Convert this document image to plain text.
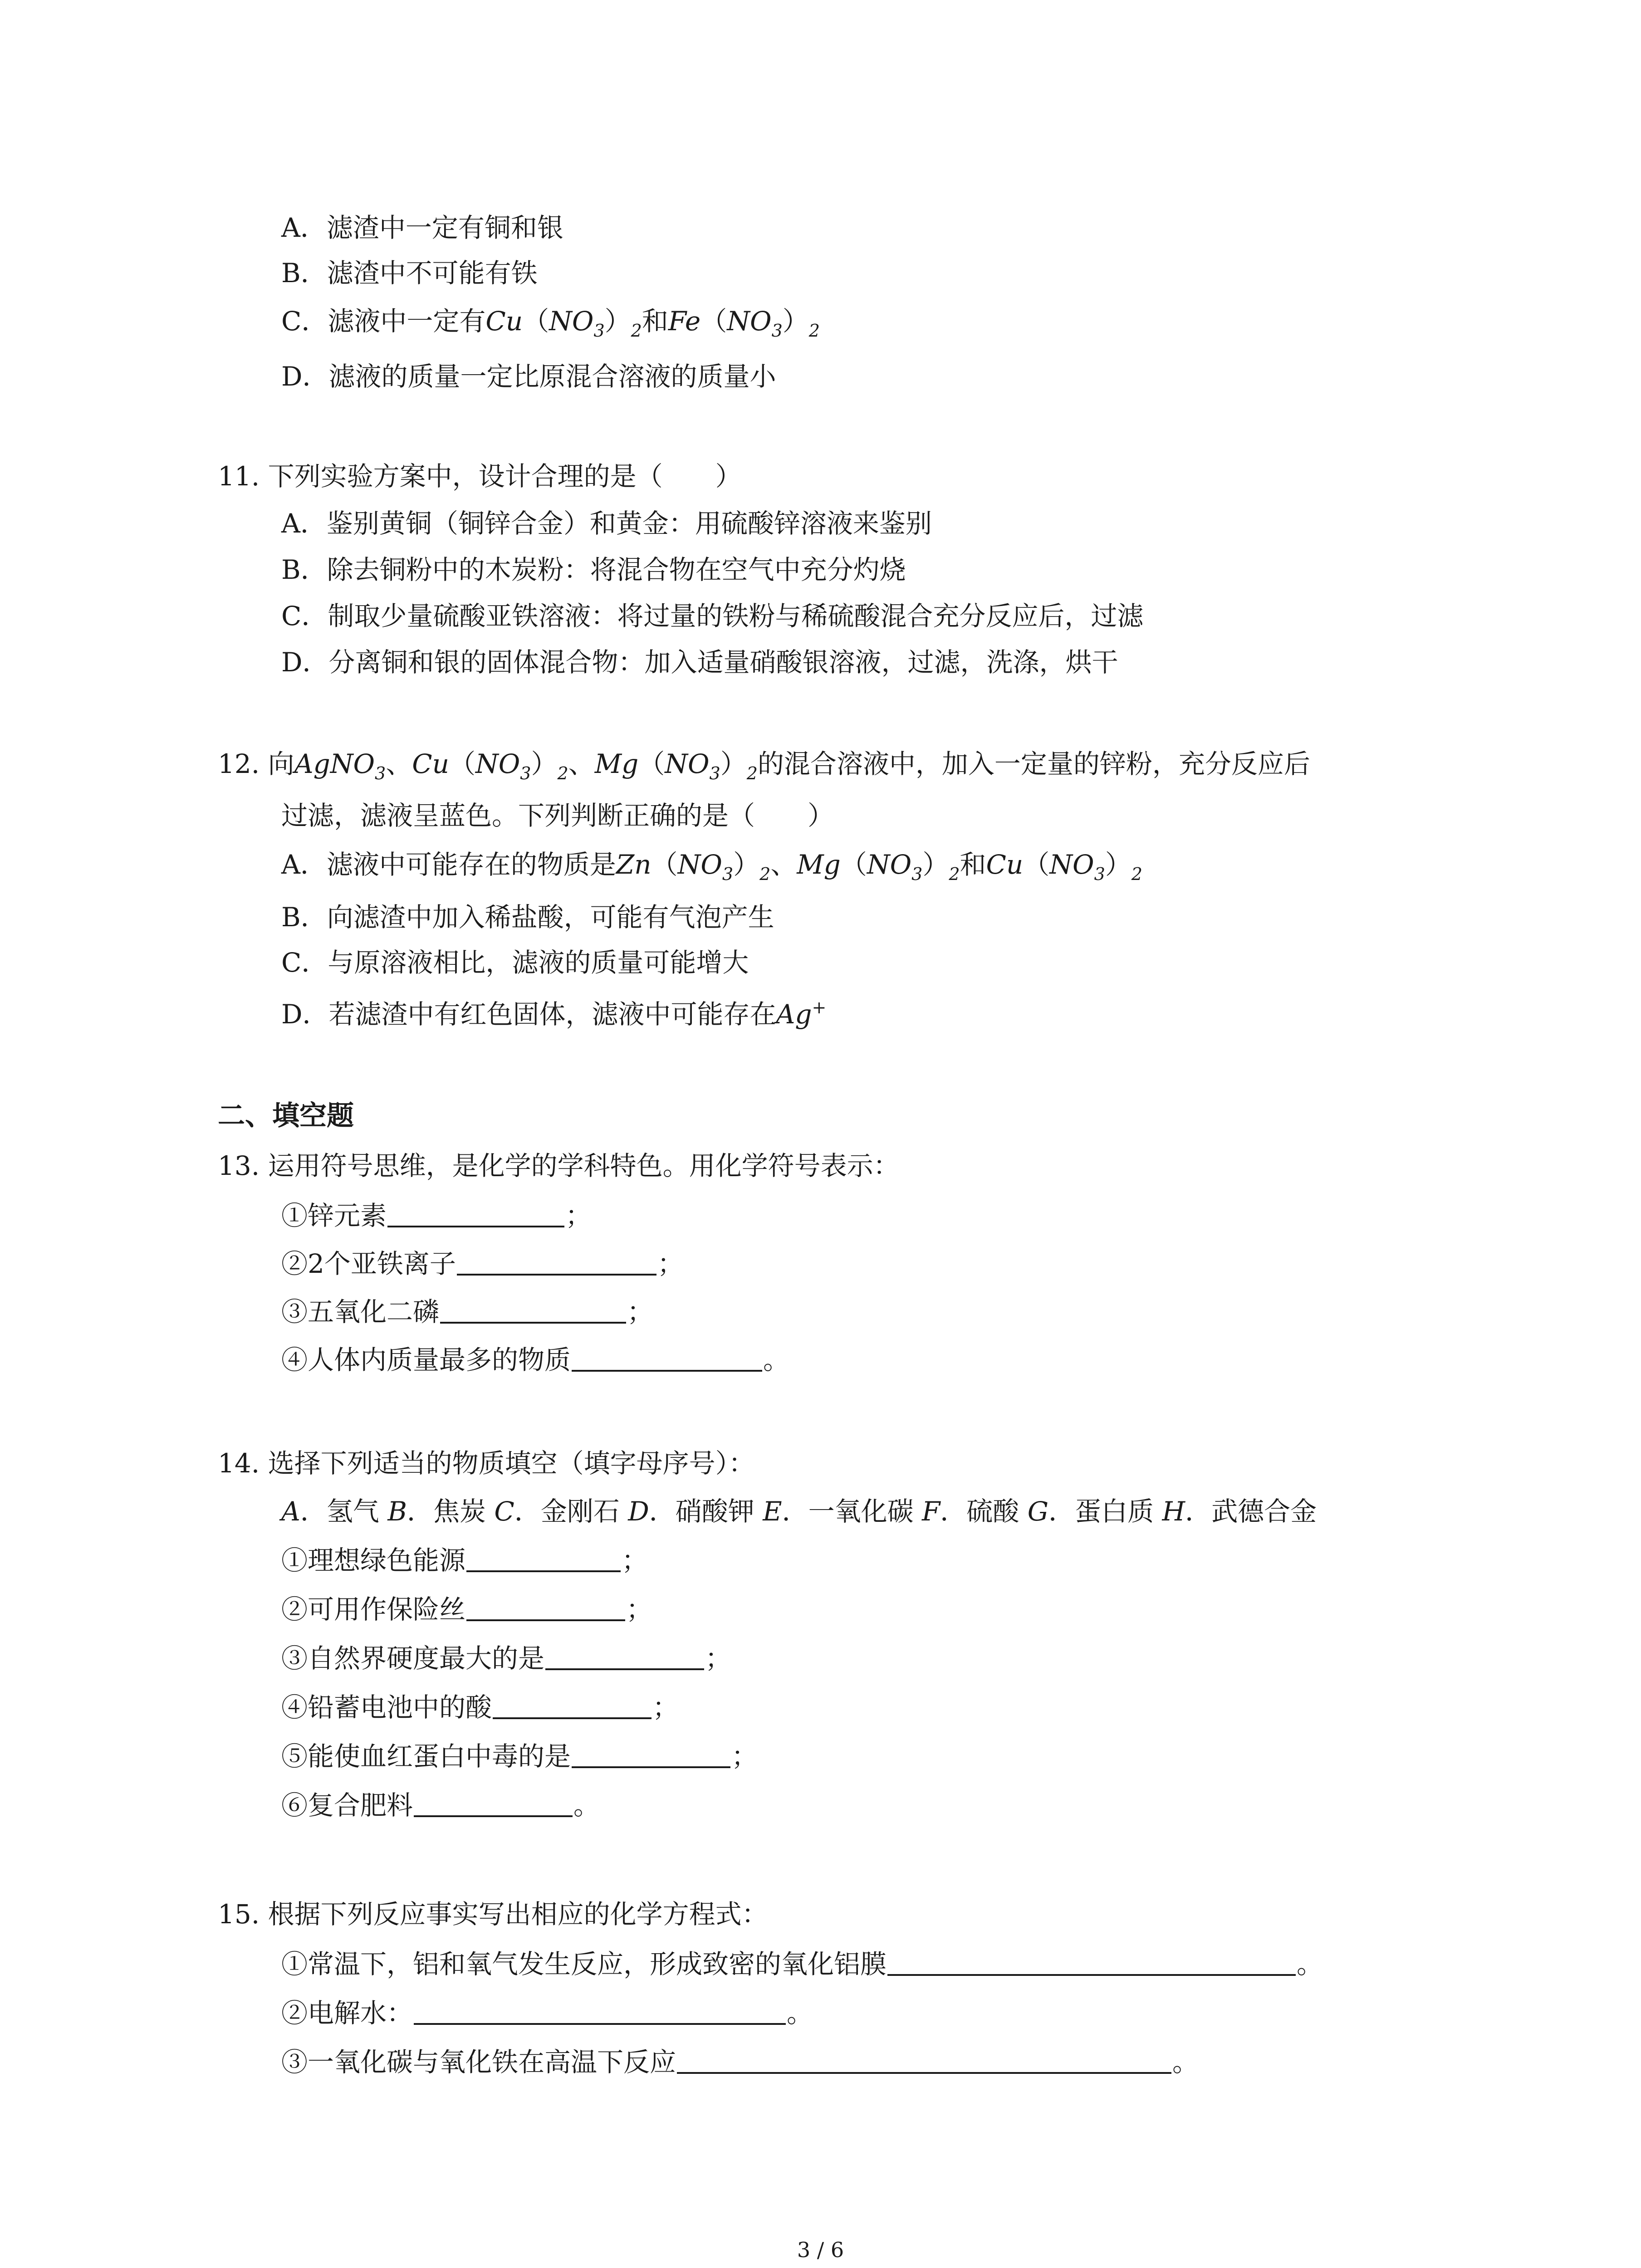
A．滤渣中一定有铜和银
B．滤渣中不可能有铁
C．滤液中一定有$Cu(NO_3)_2$和$Fe(NO_3)_2$
D．滤液的质量一定比原混合溶液的质量小
11. 下列实验方案中，设计合理的是（　　）
A．鉴别黄铜（铜锌合金）和黄金：用硫酸锌溶液来鉴别
B．除去铜粉中的木炭粉：将混合物在空气中充分灼烧
C．制取少量硫酸亚铁溶液：将过量的铁粉与稀硫酸混合充分反应后，过滤
D．分离铜和银的固体混合物：加入适量硝酸银溶液，过滤，洗涤，烘干
12. 向AgNO$_3$、$Cu(NO_3)_2$、$Mg(NO_3)_2$的混合溶液中，加入一定量的锌粉，充分反应后
过滤，滤液呈蓝色。下列判断正确的是（　　）
A．滤液中可能存在的物质是$Zn(NO_3)_2$、$Mg(NO_3)_2$和$Cu(NO_3)_2$
B．向滤渣中加入稀盐酸，可能有气泡产生
C．与原溶液相比，滤液的质量可能增大
D．若滤渣中有红色固体，滤液中可能存在Ag+
二、填空题
13. 运用符号思维，是化学的学科特色。用化学符号表示：
①锌元素	；
②2个亚铁离子	；
③五氧化二磷	；
④人体内质量最多的物质	。
14. 选择下列适当的物质填空（填字母序号）：
A．氢气 B．焦炭 C．金刚石 D．硝酸钾 E．一氧化碳 F．硫酸 G．蛋白质 H．武德合金
①理想绿色能源	；
②可用作保险丝	；
③自然界硬度最大的是	；
④铅蓄电池中的酸	；
⑤能使血红蛋白中毒的是	；
⑥复合肥料	。
15. 根据下列反应事实写出相应的化学方程式：
①常温下，铝和氧气发生反应，形成致密的氧化铝膜	。
②电解水：	。
③一氧化碳与氧化铁在高温下反应	。
3 / 6
